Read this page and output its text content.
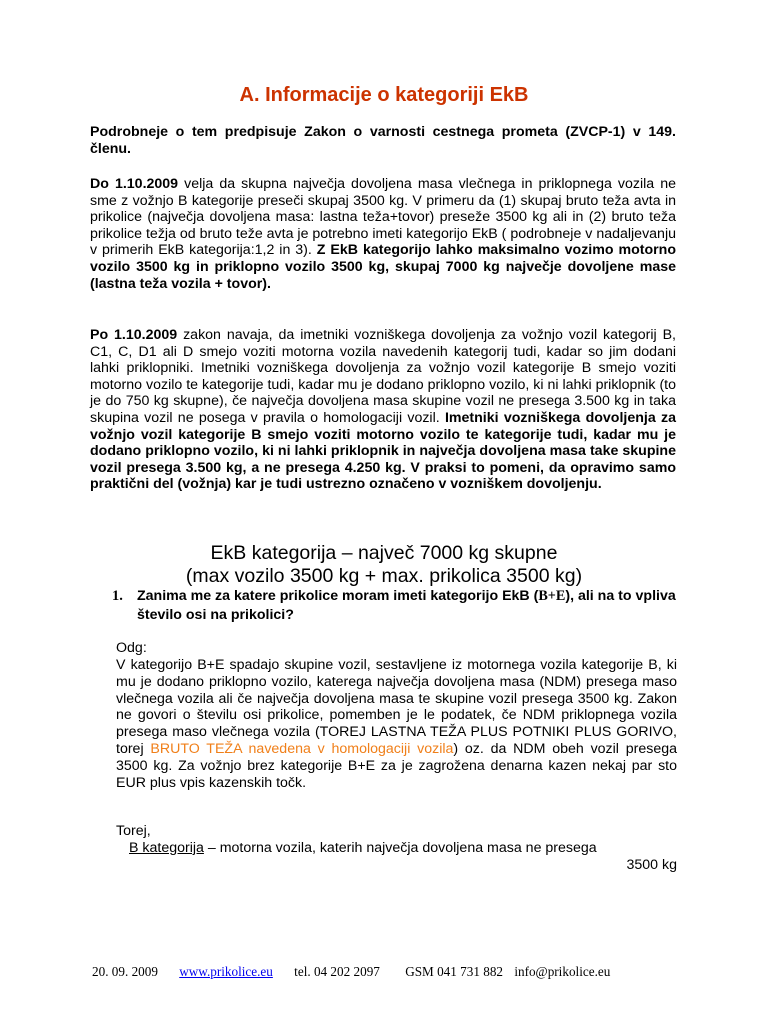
A. Informacije o kategoriji EkB

Podrobneje o tem predpisuje Zakon o varnosti cestnega prometa (ZVCP-1) v 149. členu.

Do 1.10.2009 velja da skupna največja dovoljena masa vlečnega in priklopnega vozila ne sme z vožnjo B kategorije preseči skupaj 3500 kg. V primeru da (1) skupaj bruto teža avta in prikolice (največja dovoljena masa: lastna teža+tovor) preseže 3500 kg ali in (2) bruto teža prikolice težja od bruto teže avta je potrebno imeti kategorijo EkB ( podrobneje v nadaljevanju v primerih EkB kategorija:1,2 in 3). Z EkB kategorijo lahko maksimalno vozimo motorno vozilo 3500 kg in priklopno vozilo 3500 kg, skupaj 7000 kg največje dovoljene mase (lastna teža vozila + tovor).

Po 1.10.2009 zakon navaja, da imetniki vozniškega dovoljenja za vožnjo vozil kategorij B, C1, C, D1 ali D smejo voziti motorna vozila navedenih kategorij tudi, kadar so jim dodani lahki priklopniki. Imetniki vozniškega dovoljenja za vožnjo vozil kategorije B smejo voziti motorno vozilo te kategorije tudi, kadar mu je dodano priklopno vozilo, ki ni lahki priklopnik (to je do 750 kg skupne), če največja dovoljena masa skupine vozil ne presega 3.500 kg in taka skupina vozil ne posega v pravila o homologaciji vozil. Imetniki vozniškega dovoljenja za vožnjo vozil kategorije B smejo voziti motorno vozilo te kategorije tudi, kadar mu je dodano priklopno vozilo, ki ni lahki priklopnik in največja dovoljena masa take skupine vozil presega 3.500 kg, a ne presega 4.250 kg. V praksi to pomeni, da opravimo samo praktični del (vožnja) kar je tudi ustrezno označeno v vozniškem dovoljenju.

EkB kategorija – največ 7000 kg skupne
(max vozilo 3500 kg + max. prikolica 3500 kg)
1. Zanima me za katere prikolice moram imeti kategorijo EkB (B+E), ali na to vpliva število osi na prikolici?

Odg:

V kategorijo B+E spadajo skupine vozil, sestavljene iz motornega vozila kategorije B, ki mu je dodano priklopno vozilo, katerega največja dovoljena masa (NDM) presega maso vlečnega vozila ali če največja dovoljena masa te skupine vozil presega 3500 kg. Zakon ne govori o številu osi prikolice, pomemben je le podatek, če NDM priklopnega vozila presega maso vlečnega vozila (TOREJ LASTNA TEŽA PLUS POTNIKI PLUS GORIVO, torej BRUTO TEŽA navedena v homologaciji vozila) oz. da NDM obeh vozil presega 3500 kg. Za vožnjo brez kategorije B+E za je zagrožena denarna kazen nekaj par sto EUR plus vpis kazenskih točk.

Torej,

B kategorija – motorna vozila, katerih največja dovoljena masa ne presega

3500 kg
20. 09. 2009 www.prikolice.eu tel. 04 202 2097 GSM 041 731 882 info@prikolice.eu
